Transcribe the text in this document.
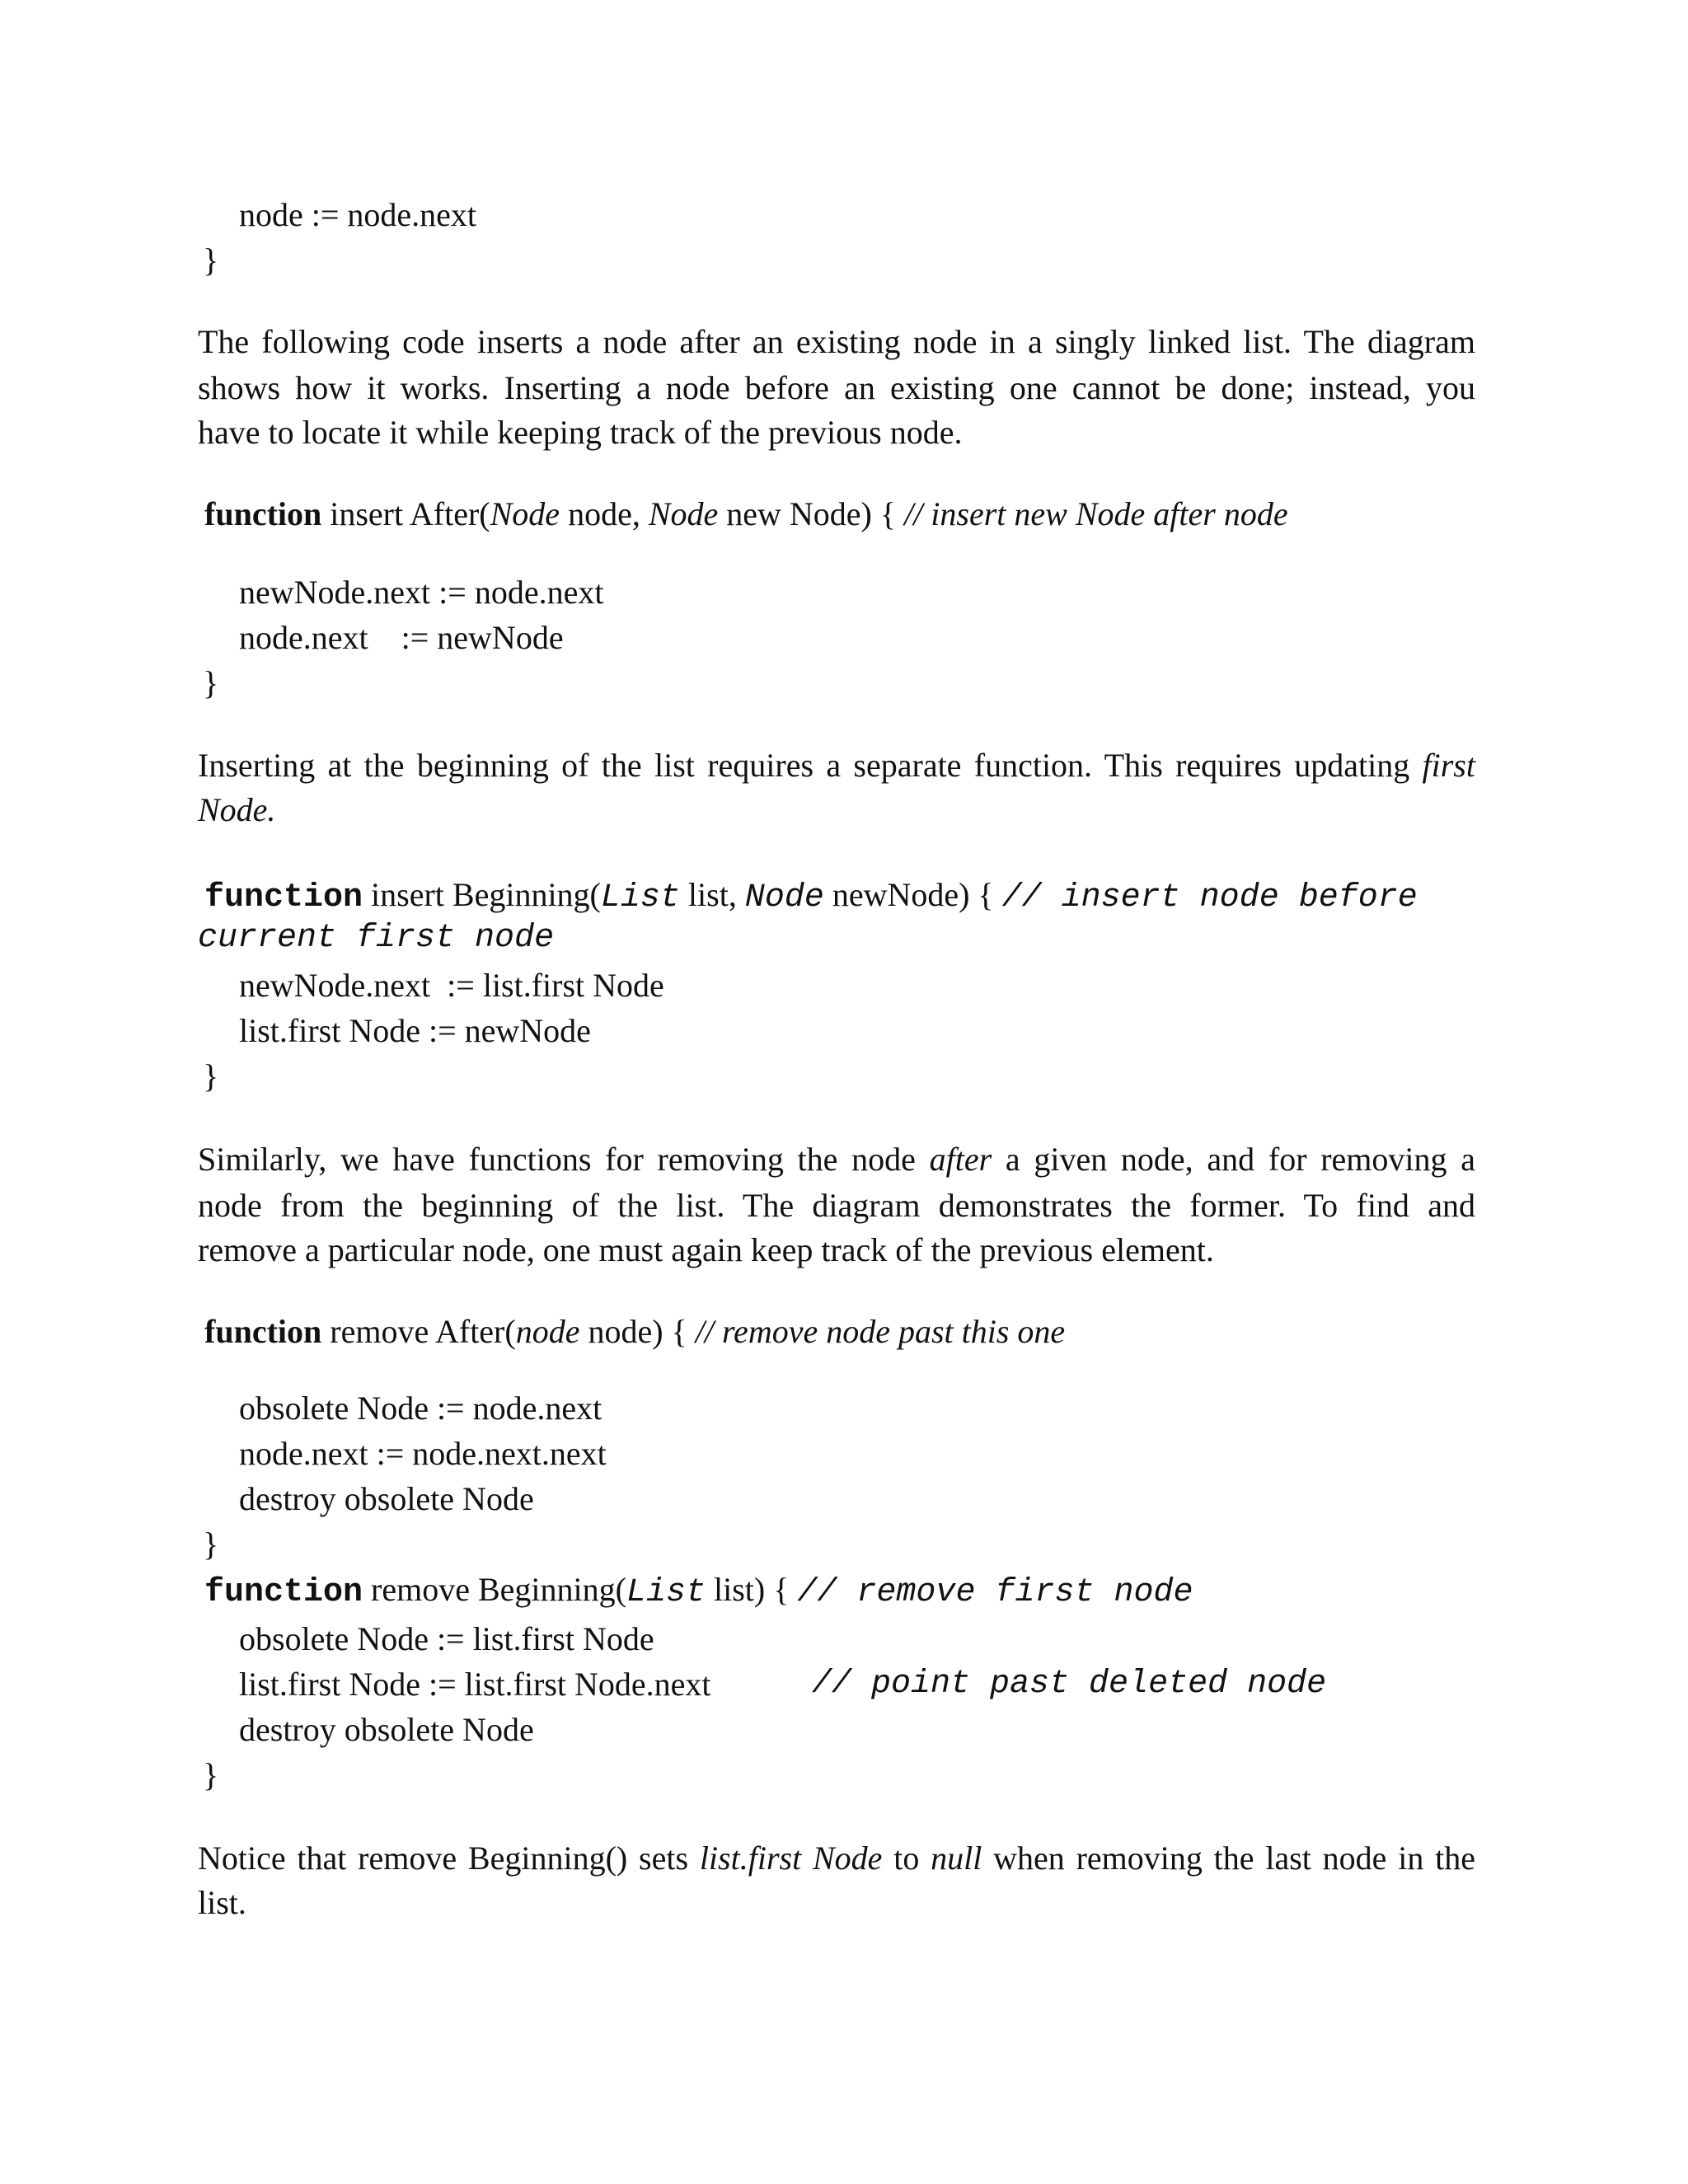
node := node.next
}
The following code inserts a node after an existing node in a singly linked list. The diagram
shows how it works. Inserting a node before an existing one cannot be done; instead, you
have to locate it while keeping track of the previous node.
function insert After(Node node, Node new Node) { // insert new Node after node
newNode.next := node.next
node.next    := newNode
}
Inserting at the beginning of the list requires a separate function. This requires updating first
Node.
function insert Beginning(List list, Node newNode) { // insert node before
current first node
newNode.next  := list.first Node
list.first Node := newNode
}
Similarly, we have functions for removing the node after a given node, and for removing a
node from the beginning of the list. The diagram demonstrates the former. To find and
remove a particular node, one must again keep track of the previous element.
function remove After(node node) { // remove node past this one
obsolete Node := node.next
node.next := node.next.next
destroy obsolete Node
}
function remove Beginning(List list) { // remove first node
obsolete Node := list.first Node
list.first Node := list.first Node.next	// point past deleted node
destroy obsolete Node
}
Notice that remove Beginning() sets list.first Node to null when removing the last node in the
list.
